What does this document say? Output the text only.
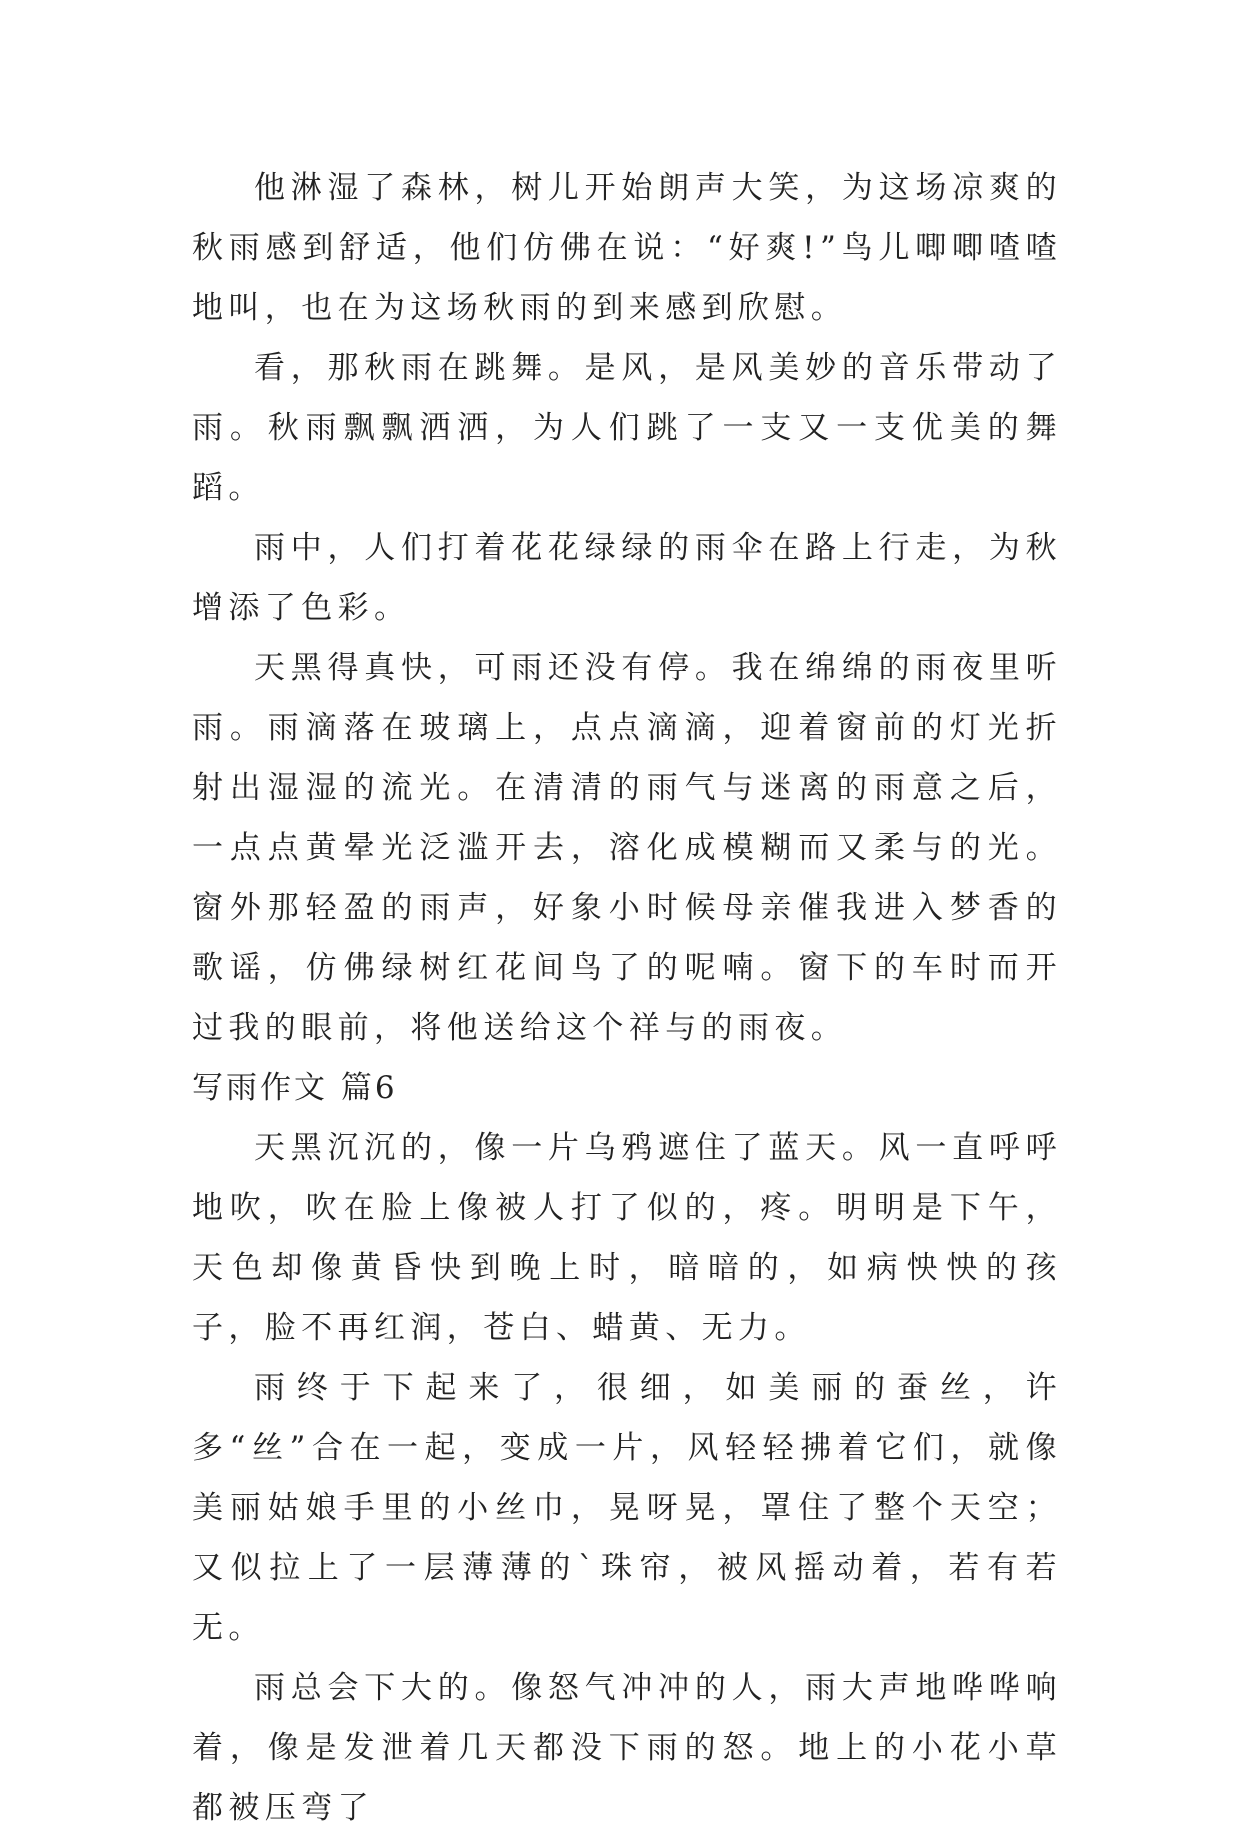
他淋湿了森林，树儿开始朗声大笑，为这场凉爽的秋雨感到舒适，他们仿佛在说：“好爽!”鸟儿唧唧喳喳地叫，也在为这场秋雨的到来感到欣慰。

看，那秋雨在跳舞。是风，是风美妙的音乐带动了雨。秋雨飘飘洒洒，为人们跳了一支又一支优美的舞蹈。

雨中，人们打着花花绿绿的雨伞在路上行走，为秋增添了色彩。

天黑得真快，可雨还没有停。我在绵绵的雨夜里听雨。雨滴落在玻璃上，点点滴滴，迎着窗前的灯光折射出湿湿的流光。在清清的雨气与迷离的雨意之后，一点点黄晕光泛滥开去，溶化成模糊而又柔与的光。窗外那轻盈的雨声，好象小时候母亲催我进入梦香的歌谣，仿佛绿树红花间鸟了的呢喃。窗下的车时而开过我的眼前，将他送给这个祥与的雨夜。

写雨作文 篇6

天黑沉沉的，像一片乌鸦遮住了蓝天。风一直呼呼地吹，吹在脸上像被人打了似的，疼。明明是下午，天色却像黄昏快到晚上时，暗暗的，如病怏怏的孩子，脸不再红润，苍白、蜡黄、无力。

雨终于下起来了，很细，如美丽的蚕丝，许多“丝”合在一起，变成一片，风轻轻拂着它们，就像美丽姑娘手里的小丝巾，晃呀晃，罩住了整个天空；又似拉上了一层薄薄的`珠帘，被风摇动着，若有若无。

雨总会下大的。像怒气冲冲的人，雨大声地哗哗响着，像是发泄着几天都没下雨的怒。地上的小花小草都被压弯了
